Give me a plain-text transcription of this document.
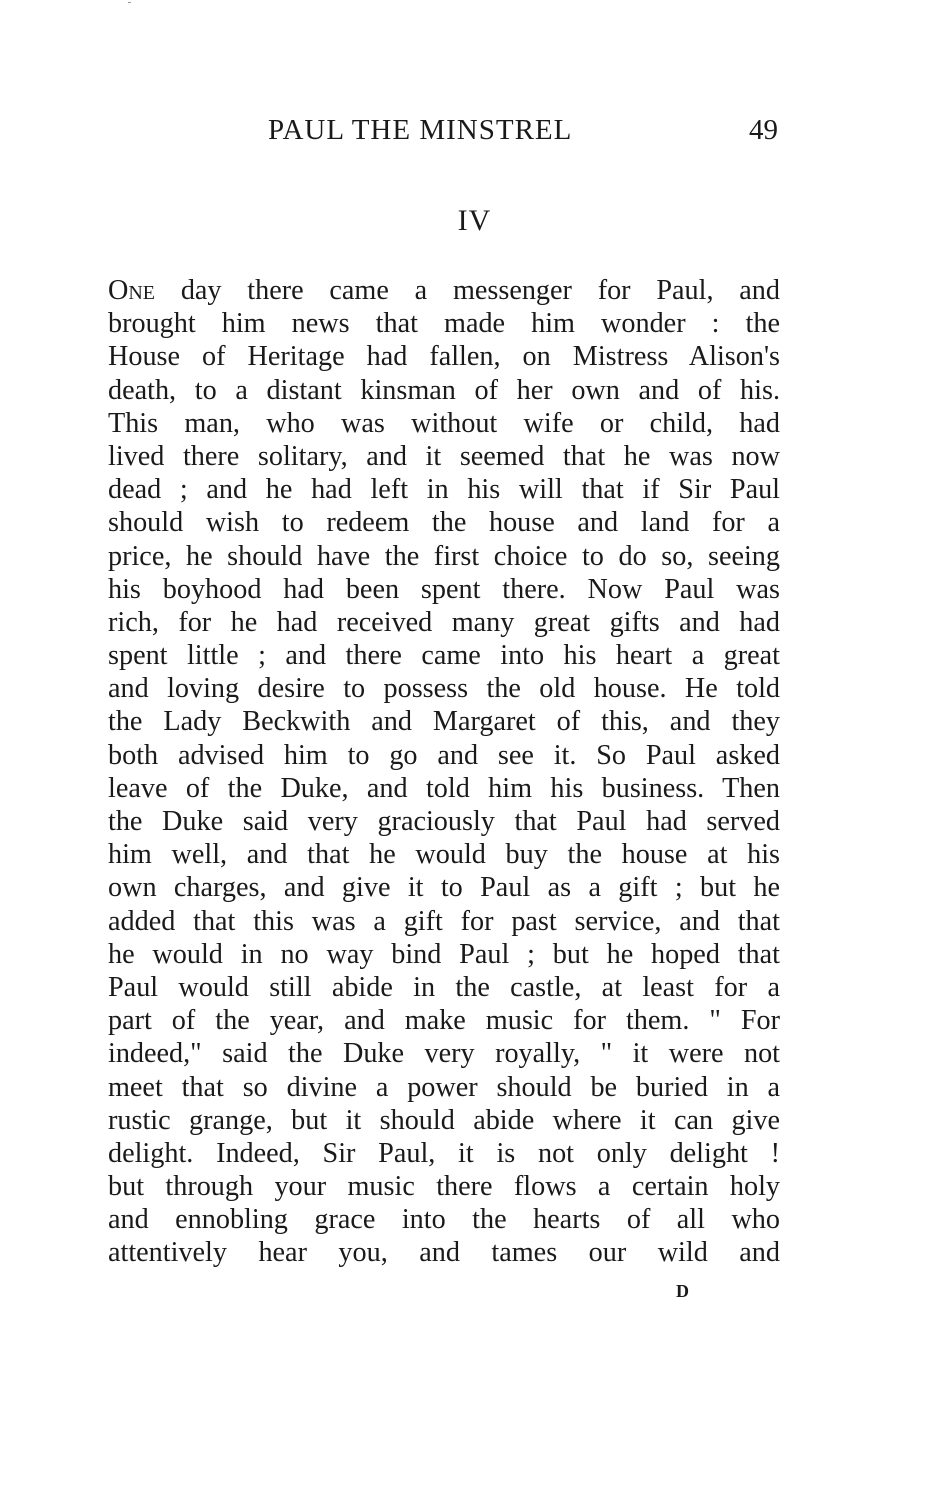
PAUL THE MINSTREL	49
IV
One day there came a messenger for Paul, and
brought him news that made him wonder : the
House of Heritage had fallen, on Mistress Alison's
death, to a distant kinsman of her own and of his.
This man, who was without wife or child, had
lived there solitary, and it seemed that he was now
dead ; and he had left in his will that if Sir Paul
should wish to redeem the house and land for a
price, he should have the first choice to do so, seeing
his boyhood had been spent there. Now Paul was
rich, for he had received many great gifts and had
spent little ; and there came into his heart a great
and loving desire to possess the old house. He told
the Lady Beckwith and Margaret of this, and they
both advised him to go and see it. So Paul asked
leave of the Duke, and told him his business. Then
the Duke said very graciously that Paul had served
him well, and that he would buy the house at his
own charges, and give it to Paul as a gift ; but he
added that this was a gift for past service, and that
he would in no way bind Paul ; but he hoped that
Paul would still abide in the castle, at least for a
part of the year, and make music for them. " For
indeed," said the Duke very royally, " it were not
meet that so divine a power should be buried in a
rustic grange, but it should abide where it can give
delight. Indeed, Sir Paul, it is not only delight !
but through your music there flows a certain holy
and ennobling grace into the hearts of all who
attentively hear you, and tames our wild and
D
